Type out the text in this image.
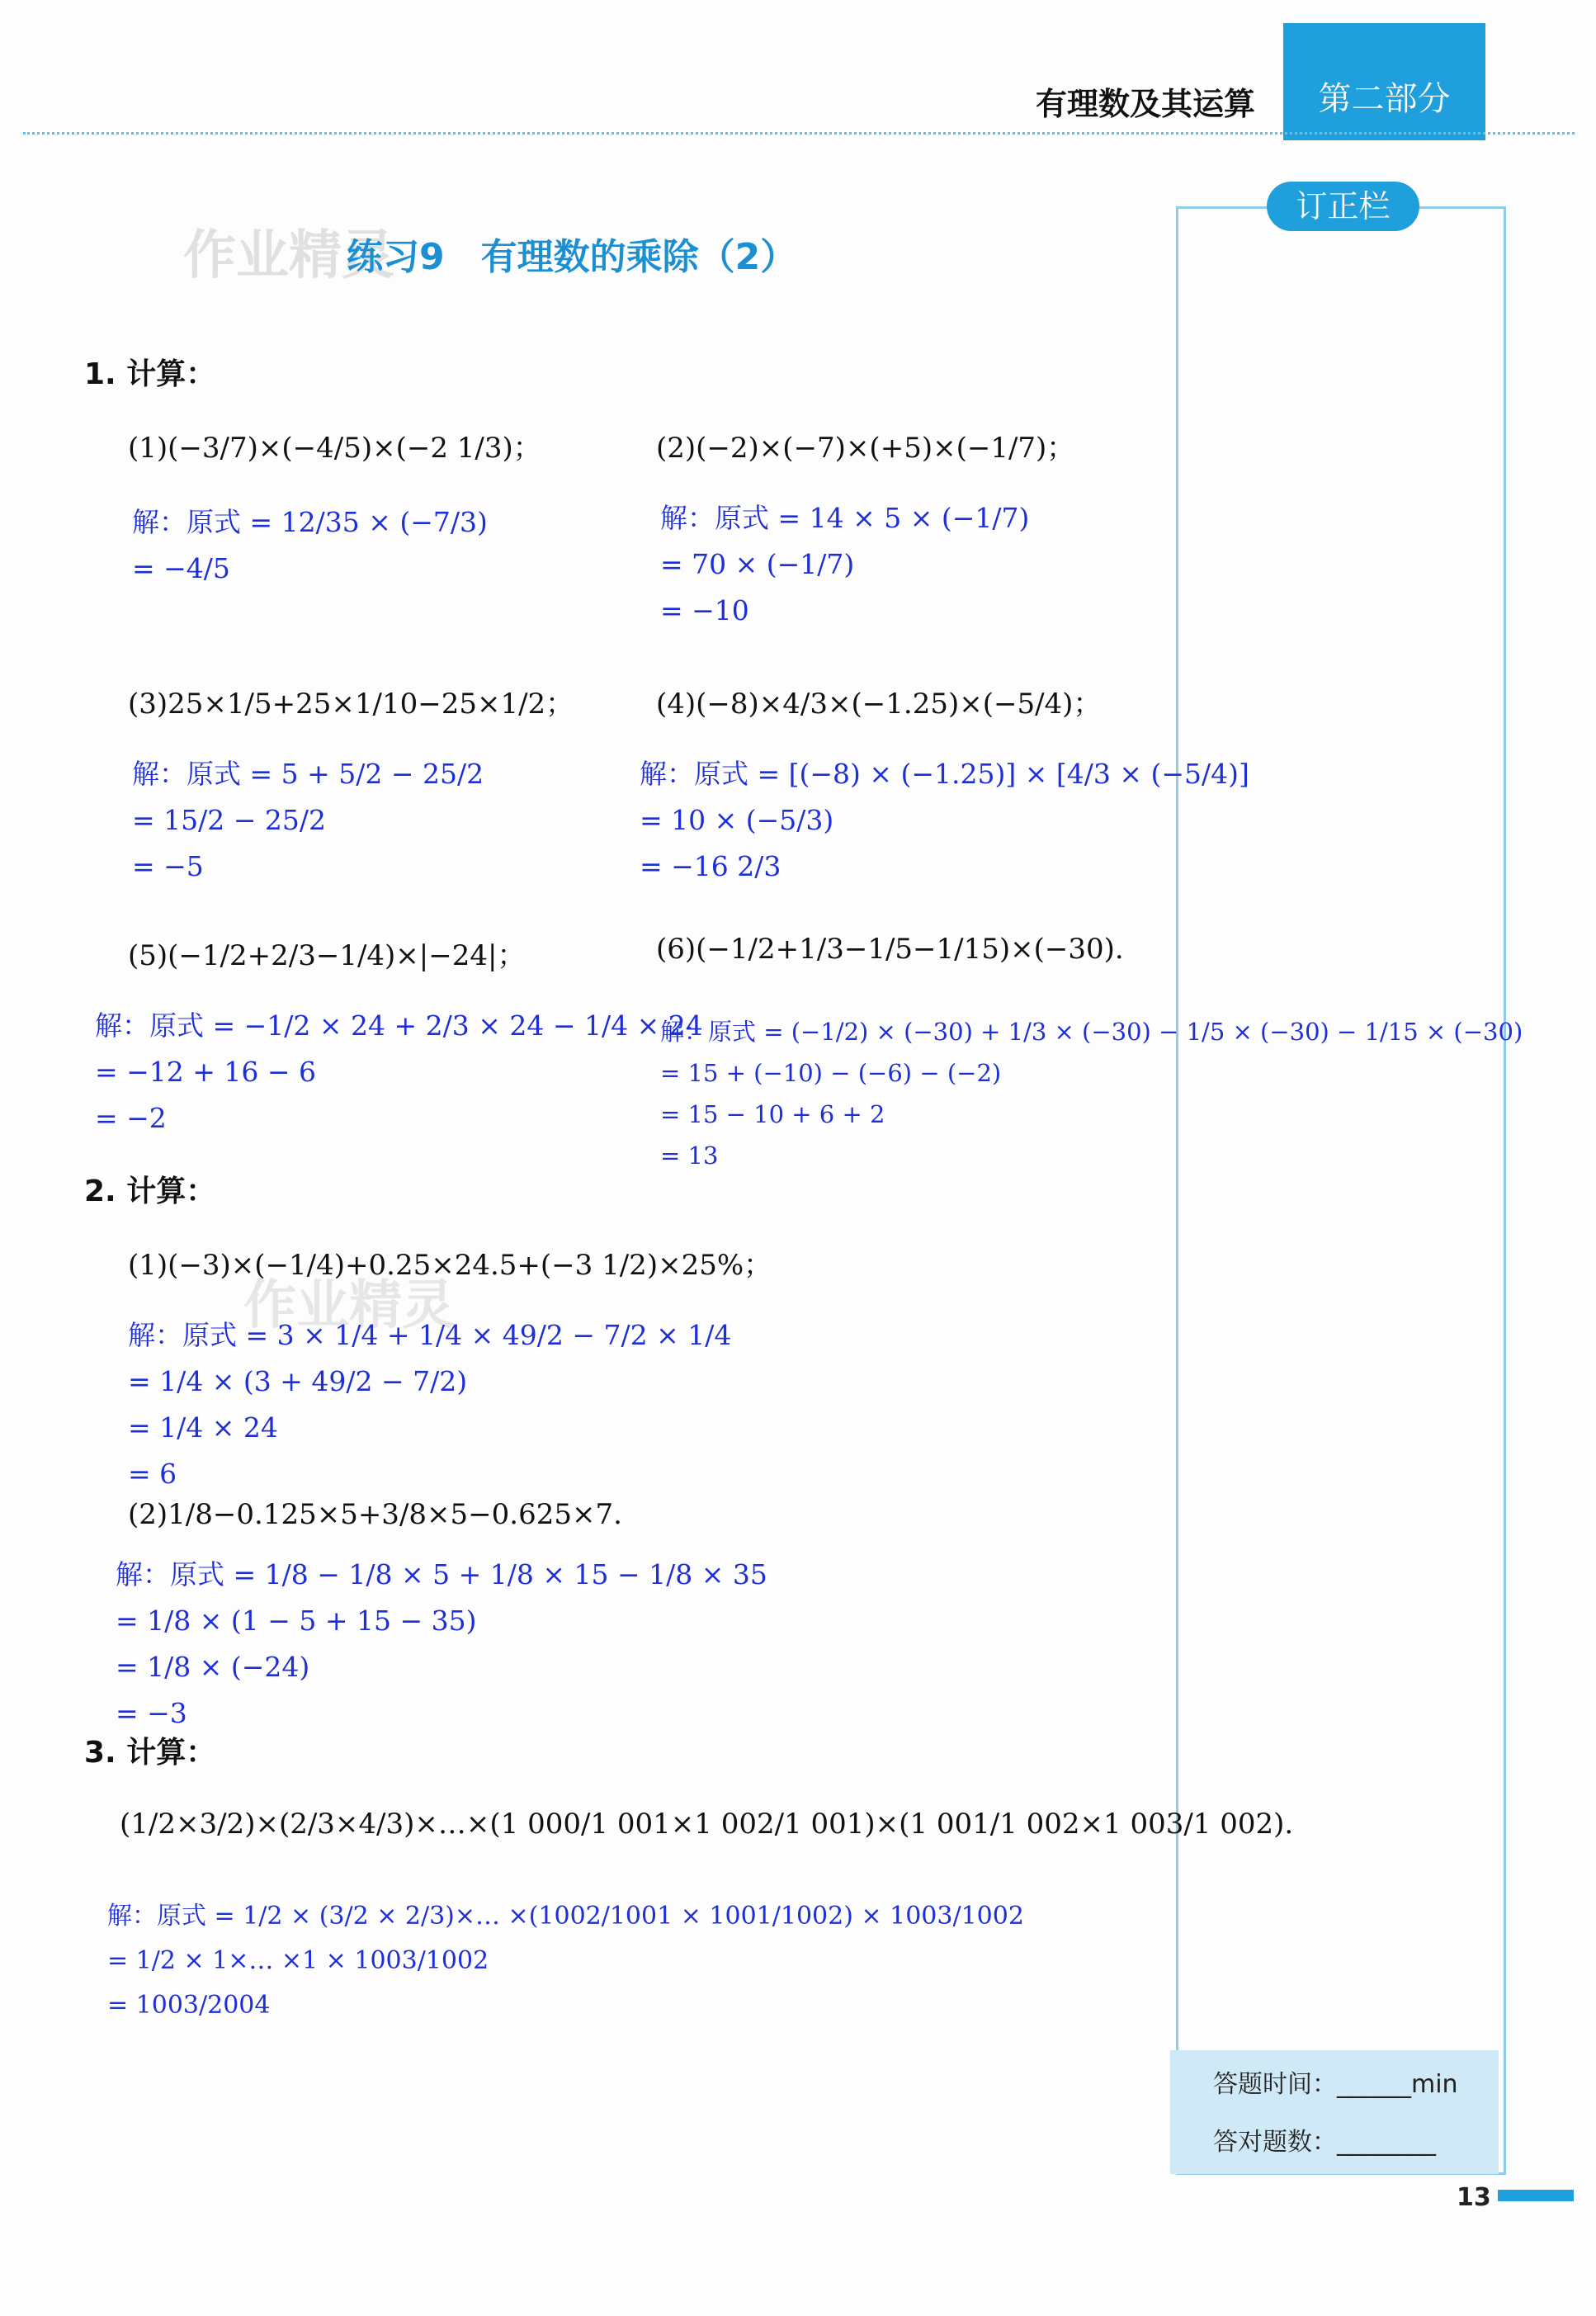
有理数及其运算	第二部分
作业精灵
练习9　有理数的乘除（2）
订正栏
答题时间：______min
答对题数：________
1. 计算：
(1)(−3/7)×(−4/5)×(−2 1/3)；
解：原式 = 12/35 × (−7/3)
= −4/5
(2)(−2)×(−7)×(+5)×(−1/7)；
解：原式 = 14 × 5 × (−1/7)
= 70 × (−1/7)
= −10
(3)25×1/5+25×1/10−25×1/2；
解：原式 = 5 + 5/2 − 25/2
= 15/2 − 25/2
= −5
(4)(−8)×4/3×(−1.25)×(−5/4)；
解：原式 = [(−8) × (−1.25)] × [4/3 × (−5/4)]
= 10 × (−5/3)
= −16 2/3
(5)(−1/2+2/3−1/4)×|−24|；
解：原式 = −1/2 × 24 + 2/3 × 24 − 1/4 × 24
= −12 + 16 − 6
= −2
(6)(−1/2+1/3−1/5−1/15)×(−30).
解：原式 = (−1/2) × (−30) + 1/3 × (−30) − 1/5 × (−30) − 1/15 × (−30)
= 15 + (−10) − (−6) − (−2)
= 15 − 10 + 6 + 2
= 13
2. 计算：
(1)(−3)×(−1/4)+0.25×24.5+(−3 1/2)×25%；
作业精灵
解：原式 = 3 × 1/4 + 1/4 × 49/2 − 7/2 × 1/4
= 1/4 × (3 + 49/2 − 7/2)
= 1/4 × 24
= 6
(2)1/8−0.125×5+3/8×5−0.625×7.
解：原式 = 1/8 − 1/8 × 5 + 1/8 × 15 − 1/8 × 35
= 1/8 × (1 − 5 + 15 − 35)
= 1/8 × (−24)
= −3
3. 计算：
(1/2×3/2)×(2/3×4/3)×…×(1 000/1 001×1 002/1 001)×(1 001/1 002×1 003/1 002).
解：原式 = 1/2 × (3/2 × 2/3)×… ×(1002/1001 × 1001/1002) × 1003/1002
= 1/2 × 1×… ×1 × 1003/1002
= 1003/2004
13
